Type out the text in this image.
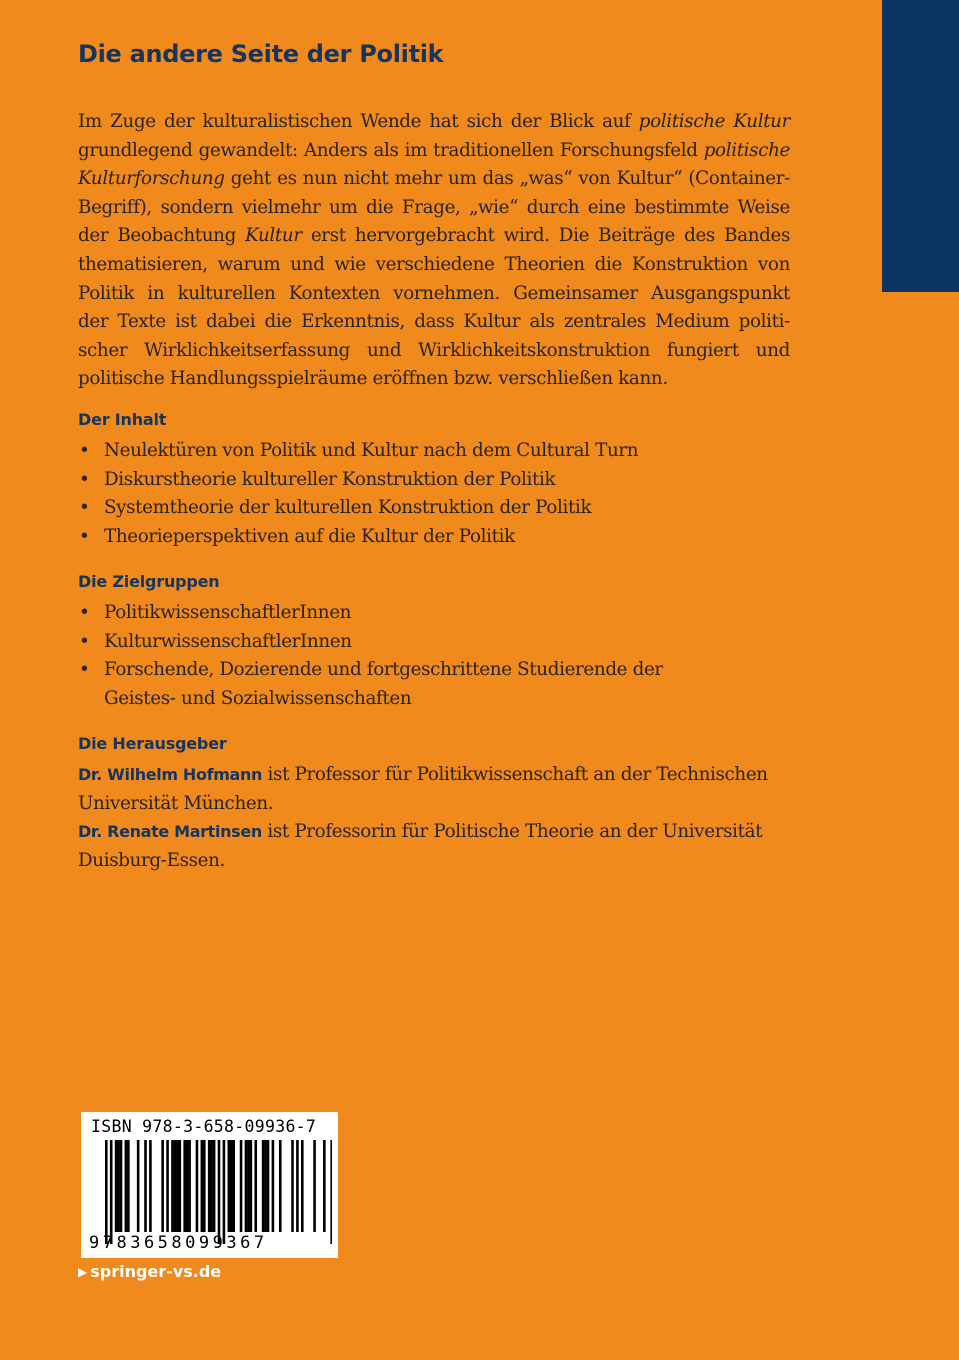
Die andere Seite der Politik
Im Zuge der kulturalistischen Wende hat sich der Blick auf politische Kultur
grundlegend gewandelt: Anders als im traditionellen Forschungsfeld politische
Kulturforschung geht es nun nicht mehr um das „was“ von Kultur“ (Container-
Begriff), sondern vielmehr um die Frage, „wie“ durch eine bestimmte Weise
der Beobachtung Kultur erst hervorgebracht wird. Die Beiträge des Bandes
thematisieren, warum und wie verschiedene Theorien die Konstruktion von
Politik in kulturellen Kontexten vornehmen. Gemeinsamer Ausgangspunkt
der Texte ist dabei die Erkenntnis, dass Kultur als zentrales Medium politi-
scher Wirklichkeitserfassung und Wirklichkeitskonstruktion fungiert und
politische Handlungsspielräume eröffnen bzw. verschließen kann.
Der Inhalt
• Neulektüren von Politik und Kultur nach dem Cultural Turn
• Diskurstheorie kultureller Konstruktion der Politik
• Systemtheorie der kulturellen Konstruktion der Politik
• Theorieperspektiven auf die Kultur der Politik
Die Zielgruppen
• PolitikwissenschaftlerInnen
• KulturwissenschaftlerInnen
• Forschende, Dozierende und fortgeschrittene Studierende der
Geistes- und Sozialwissenschaften
Die Herausgeber
Dr. Wilhelm Hofmann ist Professor für Politikwissenschaft an der Technischen
Universität München.
Dr. Renate Martinsen ist Professorin für Politische Theorie an der Universität
Duisburg-Essen.
ISBN 978-3-658-09936-7
9783658099367
▶ springer-vs.de
